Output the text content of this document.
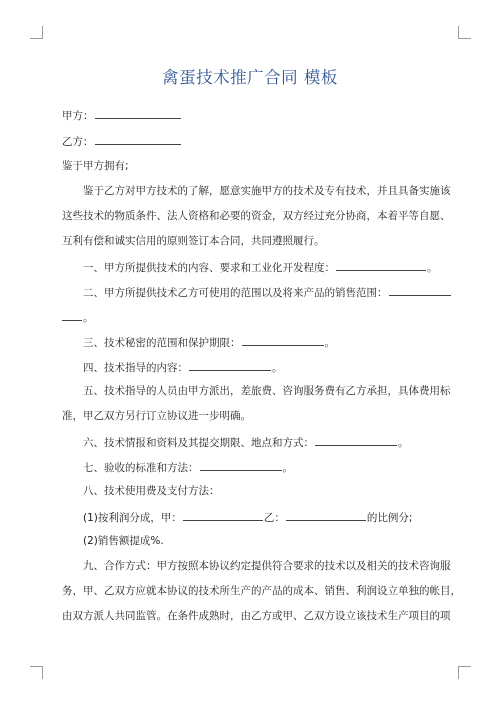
禽蛋技术推广合同 模板

甲方：

乙方：

鉴于甲方拥有;

鉴于乙方对甲方技术的了解，愿意实施甲方的技术及专有技术，并且具备实施该

这些技术的物质条件、法人资格和必要的资金，双方经过充分协商，本着平等自愿、

互利有偿和诚实信用的原则签订本合同，共同遵照履行。

一、甲方所提供技术的内容、要求和工业化开发程度：	。

二、甲方所提供技术乙方可使用的范围以及将来产品的销售范围：

。

三、技术秘密的范围和保护期限：	。

四、技术指导的内容：	。

五、技术指导的人员由甲方派出，差旅费、咨询服务费有乙方承担，具体费用标

准，甲乙双方另行订立协议进一步明确。

六、技术情报和资料及其提交期限、地点和方式：	。

七、验收的标准和方法：	。

八、技术使用费及支付方法：

(1)按利润分成，甲：	乙：	的比例分;

(2)销售额提成%.

九、合作方式：甲方按照本协议约定提供符合要求的技术以及相关的技术咨询服

务，甲、乙双方应就本协议的技术所生产的产品的成本、销售、利润设立单独的帐目，

由双方派人共同监管。在条件成熟时，由乙方或甲、乙双方设立该技术生产项目的项
